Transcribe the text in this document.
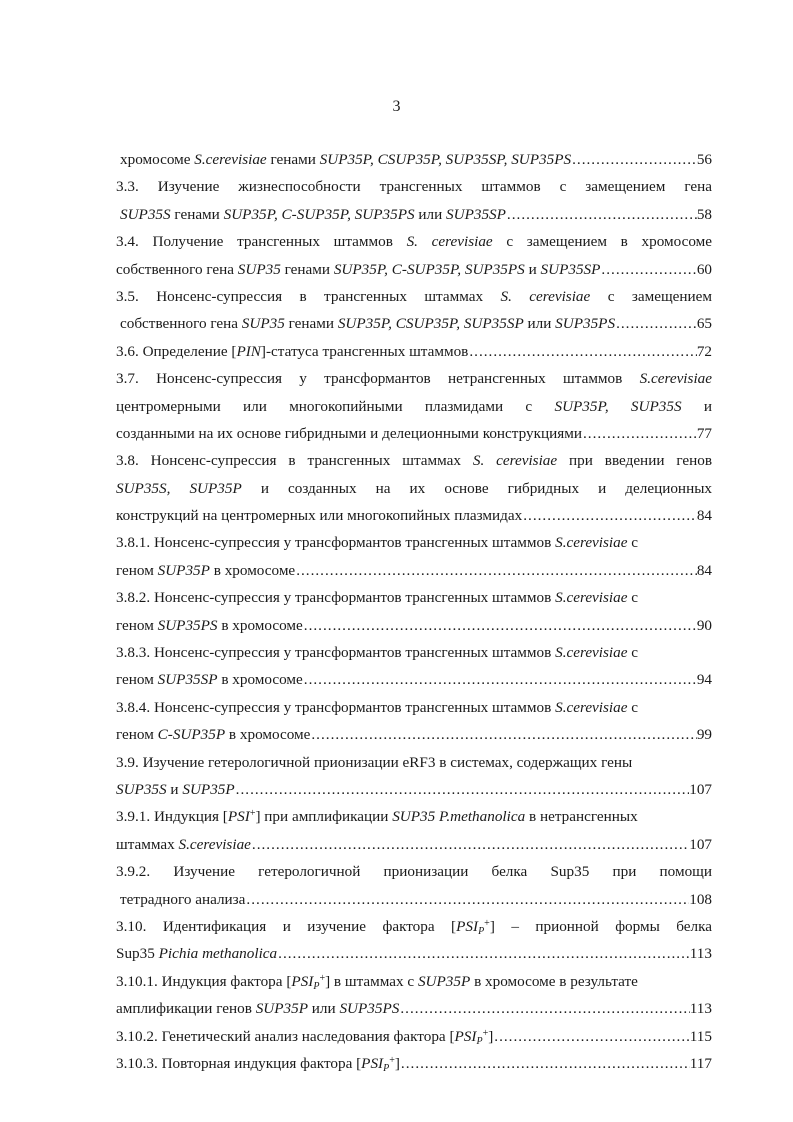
3
хромосоме S.cerevisiae генами SUP35P, CSUP35P, SUP35SP, SUP35PS .....	56
3.3. Изучение жизнеспособности трансгенных штаммов с замещением гена
SUP35S генами SUP35P, C-SUP35P, SUP35PS или SUP35SP .....	58
3.4. Получение трансгенных штаммов S. cerevisiae с замещением в хромосоме
собственного гена SUP35 генами SUP35P, C-SUP35P, SUP35PS и SUP35SP .....	60
3.5. Нонсенс-супрессия в трансгенных штаммах S. cerevisiae с замещением
собственного гена SUP35 генами SUP35P, CSUP35P, SUP35SP или SUP35PS .....	65
3.6. Определение [PIN]-статуса трансгенных штаммов .....	72
3.7. Нонсенс-супрессия у трансформантов нетрансгенных штаммов S.cerevisiae
центромерными или многокопийными плазмидами с SUP35P, SUP35S и
созданными на их основе гибридными и делеционными конструкциями .....	77
3.8. Нонсенс-супрессия в трансгенных штаммах S. cerevisiae при введении генов
SUP35S, SUP35P и созданных на их основе гибридных и делеционных
конструкций на центромерных или многокопийных плазмидах .....	84
3.8.1. Нонсенс-супрессия у трансформантов трансгенных штаммов S.cerevisiae с
геном SUP35P в хромосоме .....	84
3.8.2. Нонсенс-супрессия у трансформантов трансгенных штаммов S.cerevisiae с
геном SUP35PS в хромосоме .....	90
3.8.3. Нонсенс-супрессия у трансформантов трансгенных штаммов S.cerevisiae с
геном SUP35SP в хромосоме .....	94
3.8.4. Нонсенс-супрессия у трансформантов трансгенных штаммов S.cerevisiae с
геном C-SUP35P в хромосоме .....	99
3.9. Изучение гетерологичной прионизации eRF3 в системах, содержащих гены
SUP35S и SUP35P .....	107
3.9.1. Индукция [PSI+] при амплификации SUP35 P.methanolica в нетрансгенных
штаммах S.cerevisiae .....	107
3.9.2. Изучение гетерологичной прионизации белка Sup35 при помощи
тетрадного анализа .....	108
3.10. Идентификация и изучение фактора $[PSI_P^+]$ – прионной формы белка
Sup35 Pichia methanolica .....	113
3.10.1. Индукция фактора $[PSI_P^+]$ в штаммах с SUP35P в хромосоме в результате
амплификации генов SUP35P или SUP35PS .....	113
3.10.2. Генетический анализ наследования фактора $[PSI_P^+]$ .....	115
3.10.3. Повторная индукция фактора $[PSI_P^+]$ .....	117
